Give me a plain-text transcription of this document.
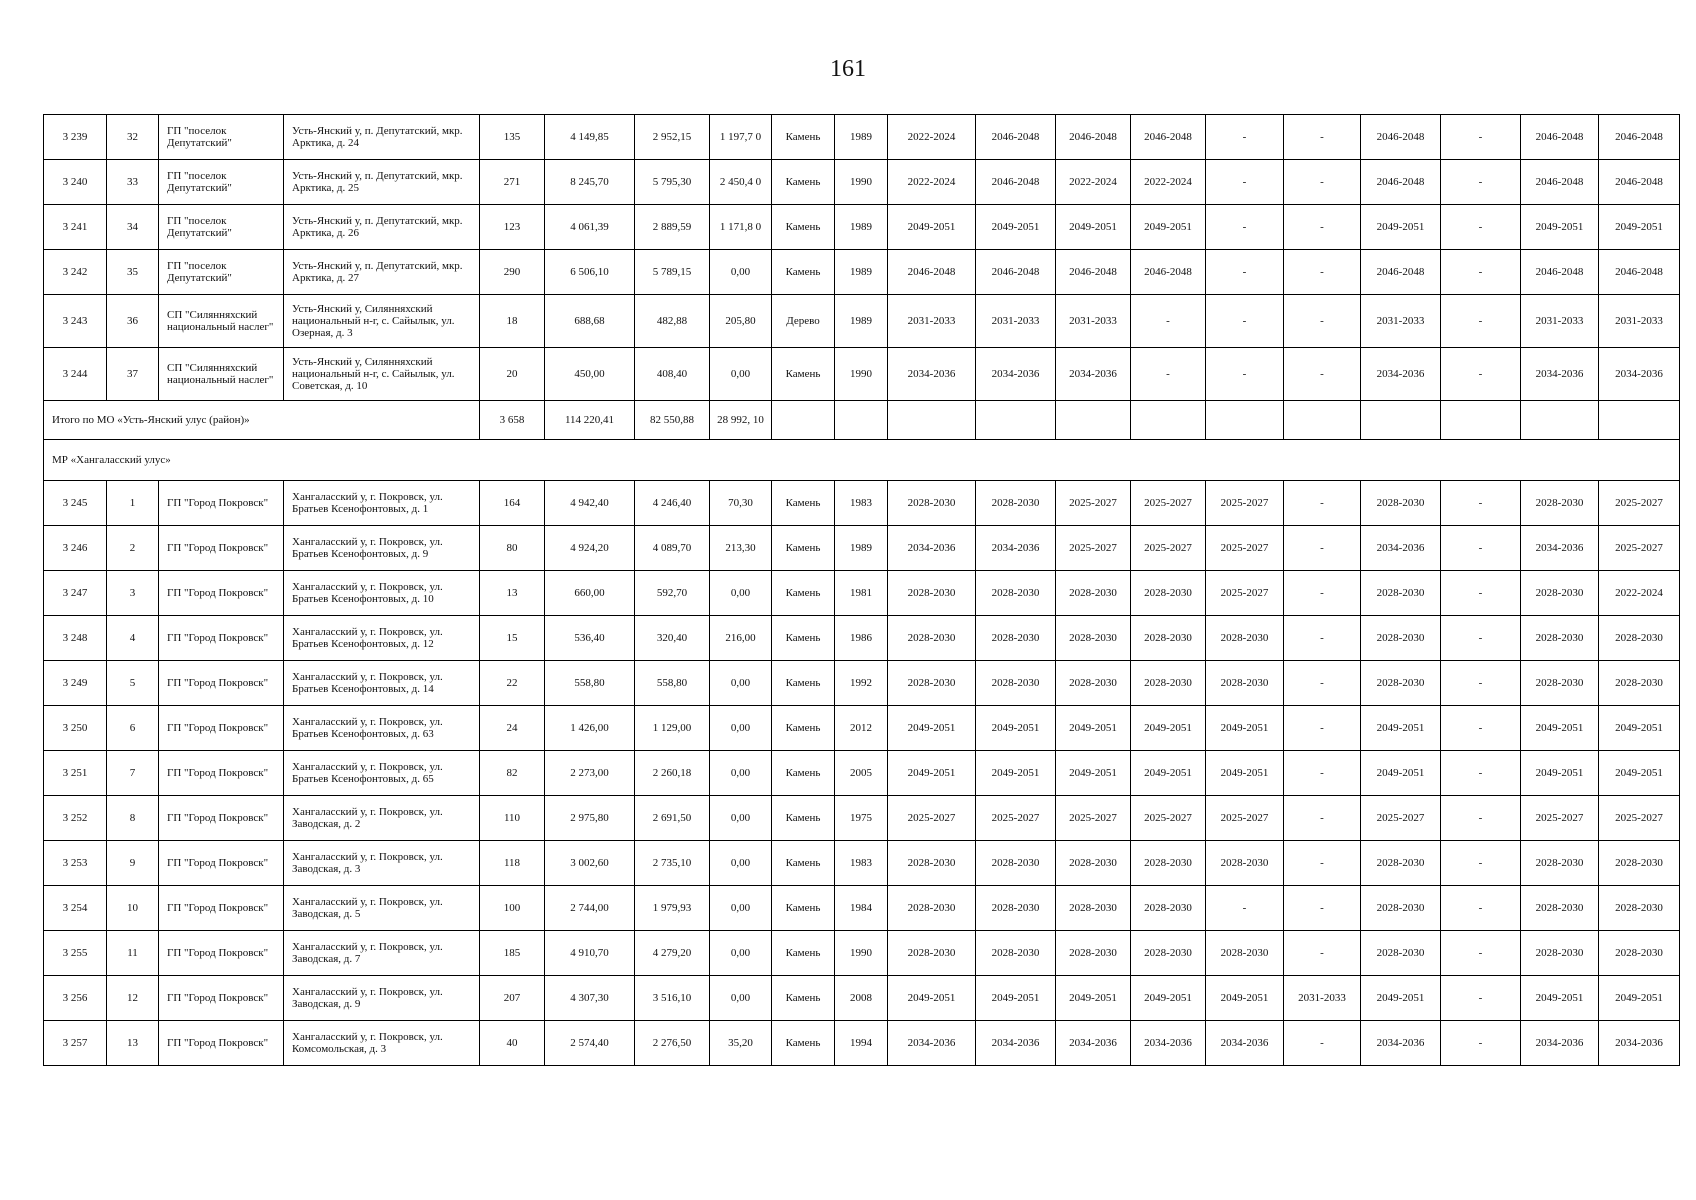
161
3 239	32	ГП "поселок Депутатский"	Усть-Янский у, п. Депутатский, мкр. Арктика, д. 24	135	4 149,85	2 952,15	1 197,7 0	Камень	1989	2022-2024	2046-2048	2046-2048	2046-2048	-	-	2046-2048	-	2046-2048	2046-2048
3 240	33	ГП "поселок Депутатский"	Усть-Янский у, п. Депутатский, мкр. Арктика, д. 25	271	8 245,70	5 795,30	2 450,4 0	Камень	1990	2022-2024	2046-2048	2022-2024	2022-2024	-	-	2046-2048	-	2046-2048	2046-2048
3 241	34	ГП "поселок Депутатский"	Усть-Янский у, п. Депутатский, мкр. Арктика, д. 26	123	4 061,39	2 889,59	1 171,8 0	Камень	1989	2049-2051	2049-2051	2049-2051	2049-2051	-	-	2049-2051	-	2049-2051	2049-2051
3 242	35	ГП "поселок Депутатский"	Усть-Янский у, п. Депутатский, мкр. Арктика, д. 27	290	6 506,10	5 789,15	0,00	Камень	1989	2046-2048	2046-2048	2046-2048	2046-2048	-	-	2046-2048	-	2046-2048	2046-2048
3 243	36	СП "Силянняхский национальный наслег"	Усть-Янский у, Силянняхский национальный н-г, с. Сайылык, ул. Озерная, д. 3	18	688,68	482,88	205,80	Дерево	1989	2031-2033	2031-2033	2031-2033	-	-	-	2031-2033	-	2031-2033	2031-2033
3 244	37	СП "Силянняхский национальный наслег"	Усть-Янский у, Силянняхский национальный н-г, с. Сайылык, ул. Советская, д. 10	20	450,00	408,40	0,00	Камень	1990	2034-2036	2034-2036	2034-2036	-	-	-	2034-2036	-	2034-2036	2034-2036
Итого по МО «Усть-Янский улус (район)»				3 658	114 220,41	82 550,88	28 992, 10												
МР «Хангаласский улус»																			
3 245	1	ГП "Город Покровск"	Хангаласский у, г. Покровск, ул. Братьев Ксенофонтовых, д. 1	164	4 942,40	4 246,40	70,30	Камень	1983	2028-2030	2028-2030	2025-2027	2025-2027	2025-2027	-	2028-2030	-	2028-2030	2025-2027
3 246	2	ГП "Город Покровск"	Хангаласский у, г. Покровск, ул. Братьев Ксенофонтовых, д. 9	80	4 924,20	4 089,70	213,30	Камень	1989	2034-2036	2034-2036	2025-2027	2025-2027	2025-2027	-	2034-2036	-	2034-2036	2025-2027
3 247	3	ГП "Город Покровск"	Хангаласский у, г. Покровск, ул. Братьев Ксенофонтовых, д. 10	13	660,00	592,70	0,00	Камень	1981	2028-2030	2028-2030	2028-2030	2028-2030	2025-2027	-	2028-2030	-	2028-2030	2022-2024
3 248	4	ГП "Город Покровск"	Хангаласский у, г. Покровск, ул. Братьев Ксенофонтовых, д. 12	15	536,40	320,40	216,00	Камень	1986	2028-2030	2028-2030	2028-2030	2028-2030	2028-2030	-	2028-2030	-	2028-2030	2028-2030
3 249	5	ГП "Город Покровск"	Хангаласский у, г. Покровск, ул. Братьев Ксенофонтовых, д. 14	22	558,80	558,80	0,00	Камень	1992	2028-2030	2028-2030	2028-2030	2028-2030	2028-2030	-	2028-2030	-	2028-2030	2028-2030
3 250	6	ГП "Город Покровск"	Хангаласский у, г. Покровск, ул. Братьев Ксенофонтовых, д. 63	24	1 426,00	1 129,00	0,00	Камень	2012	2049-2051	2049-2051	2049-2051	2049-2051	2049-2051	-	2049-2051	-	2049-2051	2049-2051
3 251	7	ГП "Город Покровск"	Хангаласский у, г. Покровск, ул. Братьев Ксенофонтовых, д. 65	82	2 273,00	2 260,18	0,00	Камень	2005	2049-2051	2049-2051	2049-2051	2049-2051	2049-2051	-	2049-2051	-	2049-2051	2049-2051
3 252	8	ГП "Город Покровск"	Хангаласский у, г. Покровск, ул. Заводская, д. 2	110	2 975,80	2 691,50	0,00	Камень	1975	2025-2027	2025-2027	2025-2027	2025-2027	2025-2027	-	2025-2027	-	2025-2027	2025-2027
3 253	9	ГП "Город Покровск"	Хангаласский у, г. Покровск, ул. Заводская, д. 3	118	3 002,60	2 735,10	0,00	Камень	1983	2028-2030	2028-2030	2028-2030	2028-2030	2028-2030	-	2028-2030	-	2028-2030	2028-2030
3 254	10	ГП "Город Покровск"	Хангаласский у, г. Покровск, ул. Заводская, д. 5	100	2 744,00	1 979,93	0,00	Камень	1984	2028-2030	2028-2030	2028-2030	2028-2030	-	-	2028-2030	-	2028-2030	2028-2030
3 255	11	ГП "Город Покровск"	Хангаласский у, г. Покровск, ул. Заводская, д. 7	185	4 910,70	4 279,20	0,00	Камень	1990	2028-2030	2028-2030	2028-2030	2028-2030	2028-2030	-	2028-2030	-	2028-2030	2028-2030
3 256	12	ГП "Город Покровск"	Хангаласский у, г. Покровск, ул. Заводская, д. 9	207	4 307,30	3 516,10	0,00	Камень	2008	2049-2051	2049-2051	2049-2051	2049-2051	2049-2051	2031-2033	2049-2051	-	2049-2051	2049-2051
3 257	13	ГП "Город Покровск"	Хангаласский у, г. Покровск, ул. Комсомольская, д. 3	40	2 574,40	2 276,50	35,20	Камень	1994	2034-2036	2034-2036	2034-2036	2034-2036	2034-2036	-	2034-2036	-	2034-2036	2034-2036
